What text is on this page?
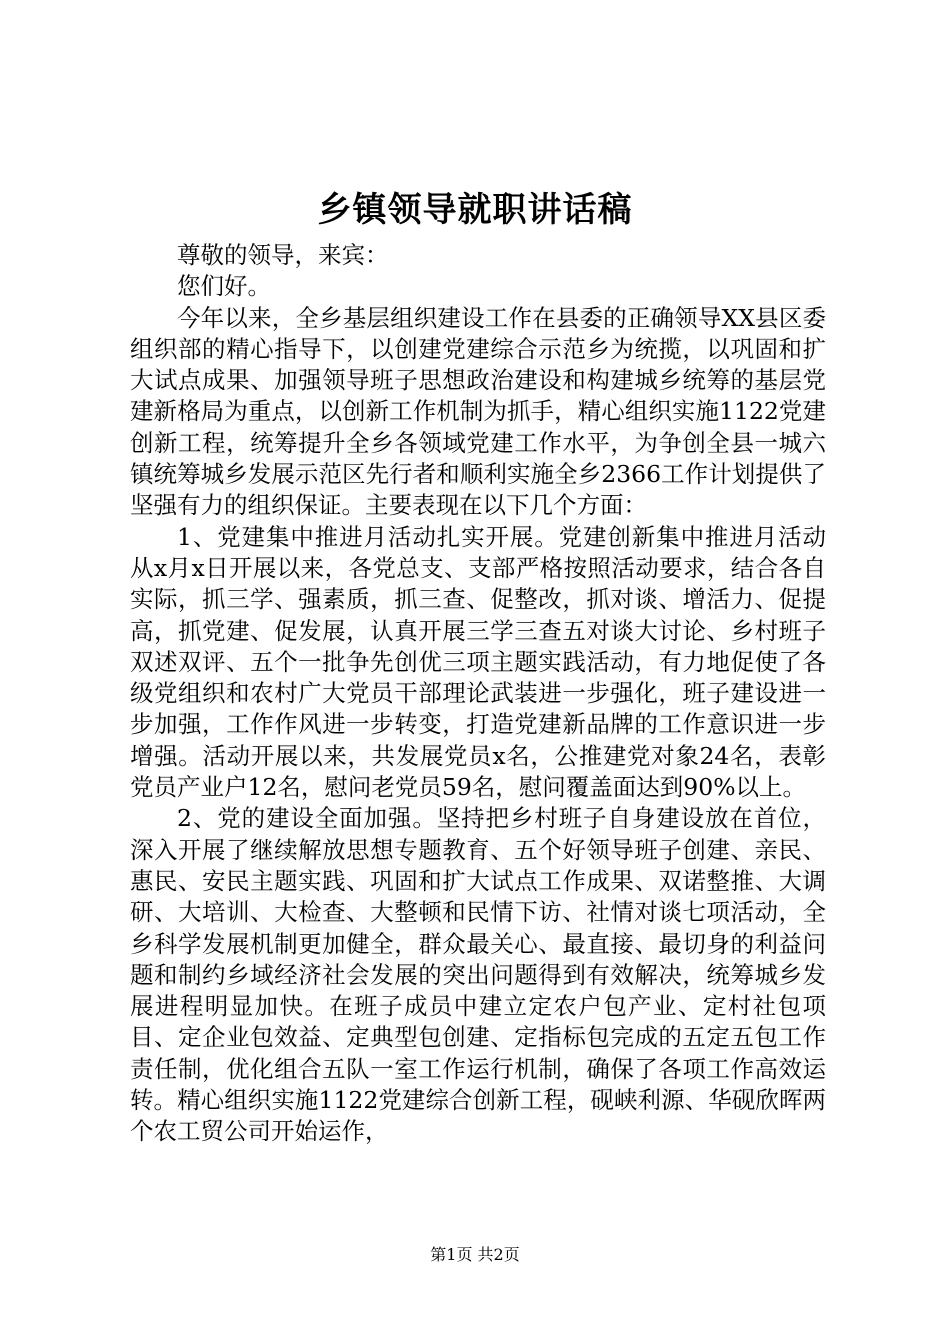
乡镇领导就职讲话稿

尊敬的领导，来宾：

您们好。

今年以来，全乡基层组织建设工作在县委的正确领导XX县区委组织部的精心指导下，以创建党建综合示范乡为统揽，以巩固和扩大试点成果、加强领导班子思想政治建设和构建城乡统筹的基层党建新格局为重点，以创新工作机制为抓手，精心组织实施1122党建创新工程，统筹提升全乡各领域党建工作水平，为争创全县一城六镇统筹城乡发展示范区先行者和顺利实施全乡2366工作计划提供了坚强有力的组织保证。主要表现在以下几个方面：

1、党建集中推进月活动扎实开展。党建创新集中推进月活动从x月x日开展以来，各党总支、支部严格按照活动要求，结合各自实际，抓三学、强素质，抓三查、促整改，抓对谈、增活力、促提高，抓党建、促发展，认真开展三学三查五对谈大讨论、乡村班子双述双评、五个一批争先创优三项主题实践活动，有力地促使了各级党组织和农村广大党员干部理论武装进一步强化，班子建设进一步加强，工作作风进一步转变，打造党建新品牌的工作意识进一步增强。活动开展以来，共发展党员x名，公推建党对象24名，表彰党员产业户12名，慰问老党员59名，慰问覆盖面达到90%以上。

2、党的建设全面加强。坚持把乡村班子自身建设放在首位，深入开展了继续解放思想专题教育、五个好领导班子创建、亲民、惠民、安民主题实践、巩固和扩大试点工作成果、双诺整推、大调研、大培训、大检查、大整顿和民情下访、社情对谈七项活动，全乡科学发展机制更加健全，群众最关心、最直接、最切身的利益问题和制约乡域经济社会发展的突出问题得到有效解决，统筹城乡发展进程明显加快。在班子成员中建立定农户包产业、定村社包项目、定企业包效益、定典型包创建、定指标包完成的五定五包工作责任制，优化组合五队一室工作运行机制，确保了各项工作高效运转。精心组织实施1122党建综合创新工程，砚峡利源、华砚欣晖两个农工贸公司开始运作，

第1页 共2页
